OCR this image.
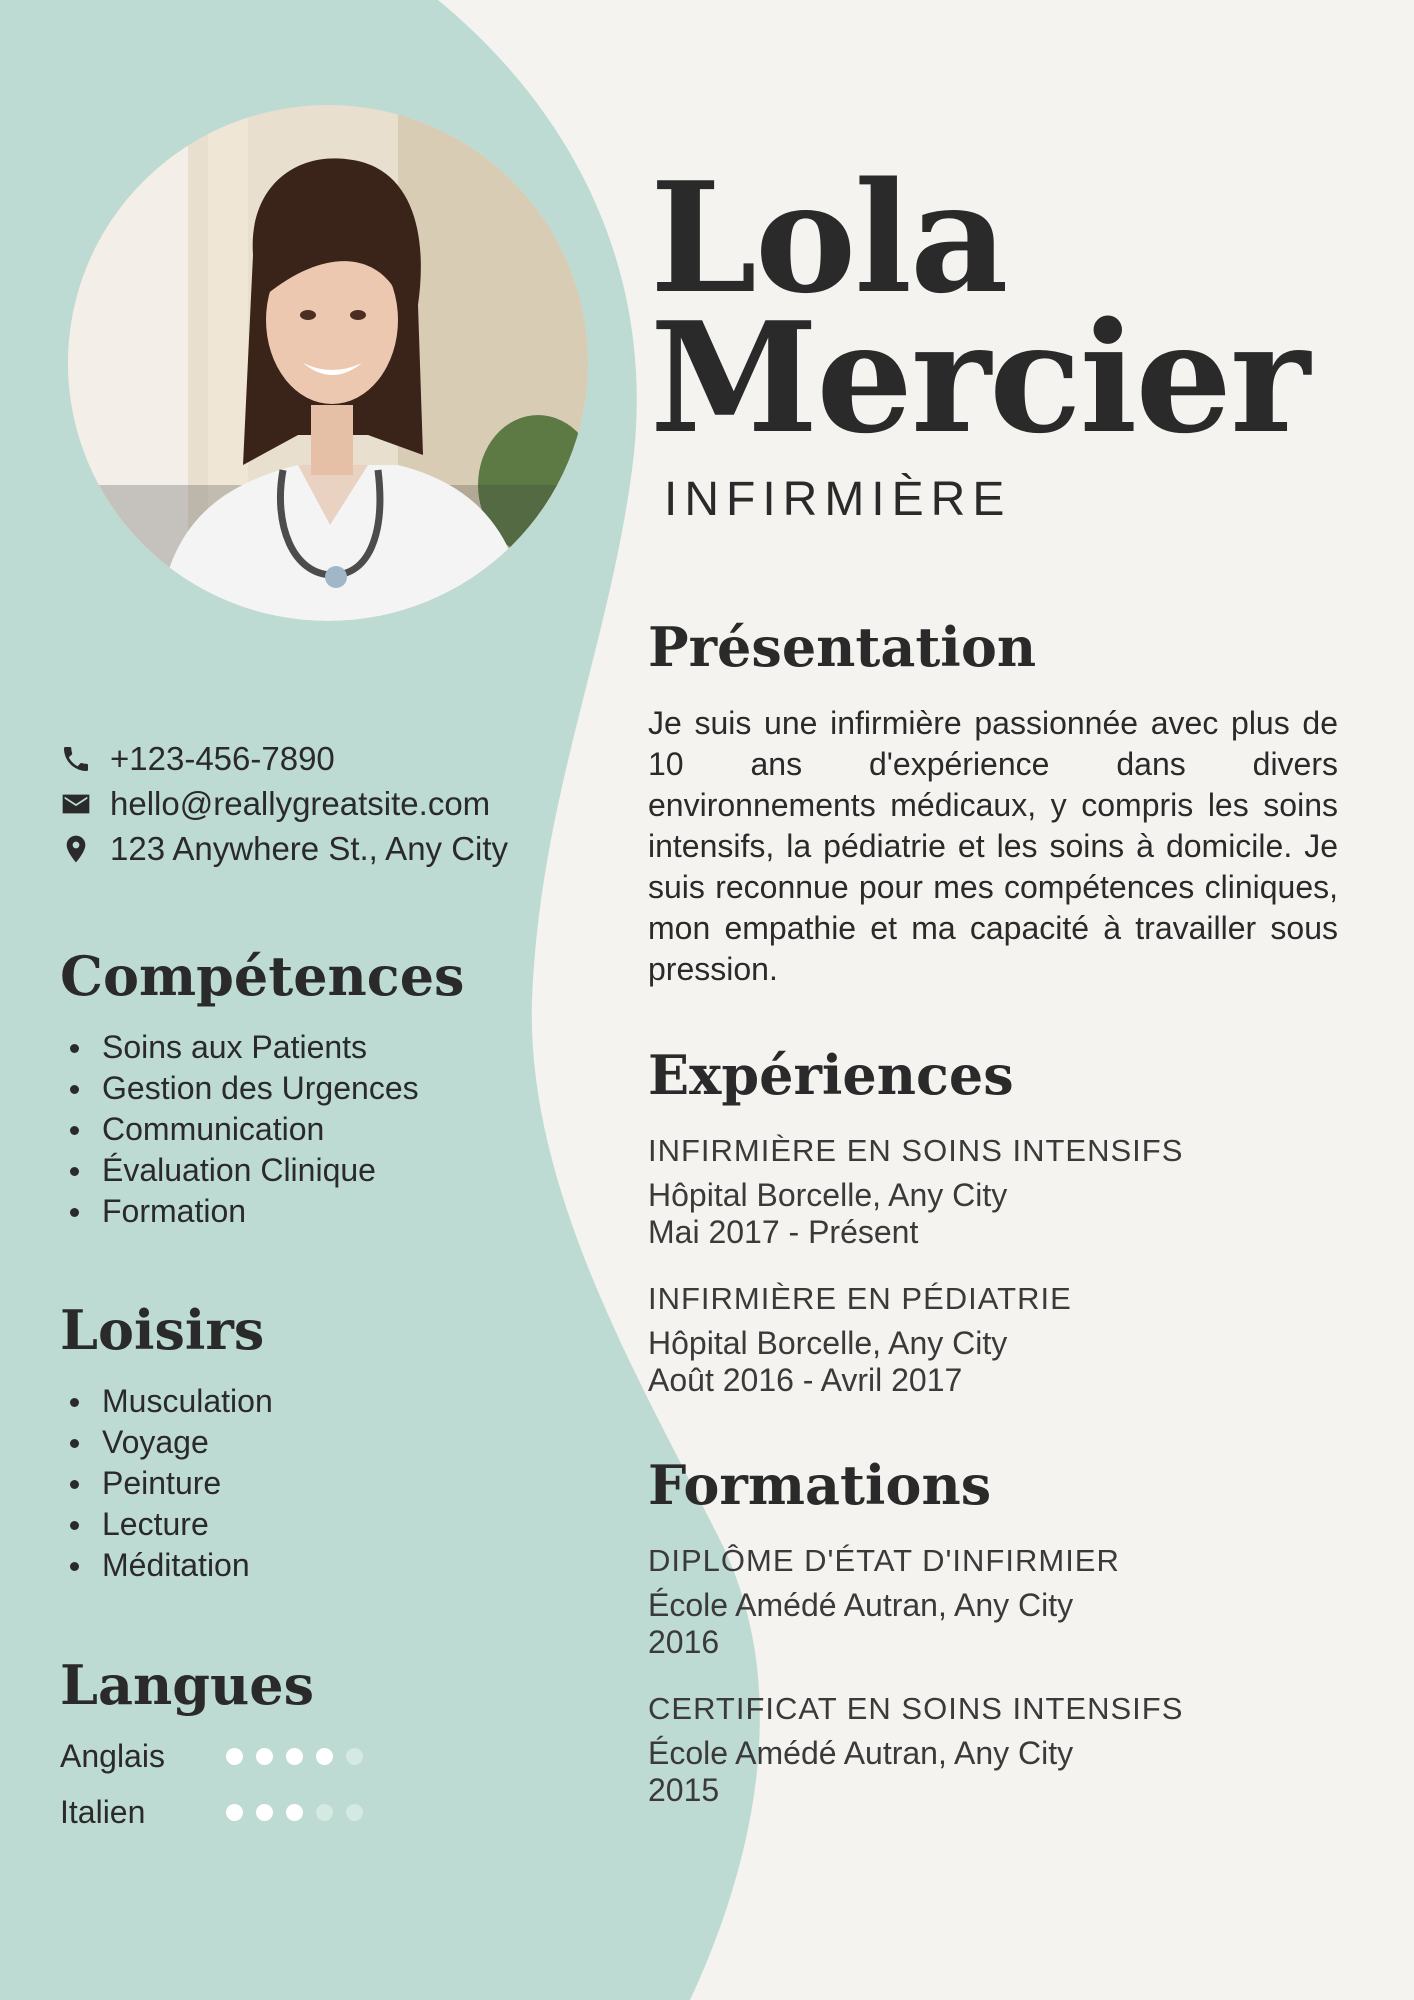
Lola
Mercier
INFIRMIÈRE
+123-456-7890
hello@reallygreatsite.com
123 Anywhere St., Any City
Compétences
Soins aux Patients
Gestion des Urgences
Communication
Évaluation Clinique
Formation
Loisirs
Musculation
Voyage
Peinture
Lecture
Méditation
Langues
Anglais
Italien
Présentation
Je suis une infirmière passionnée avec plus de 10 ans d'expérience dans divers environnements médicaux, y compris les soins intensifs, la pédiatrie et les soins à domicile. Je suis reconnue pour mes compétences cliniques, mon empathie et ma capacité à travailler sous pression.
Expériences
INFIRMIÈRE EN SOINS INTENSIFS
Hôpital Borcelle, Any City
Mai 2017 - Présent
INFIRMIÈRE EN PÉDIATRIE
Hôpital Borcelle, Any City
Août 2016 - Avril 2017
Formations
DIPLÔME D'ÉTAT D'INFIRMIER
École Amédé Autran, Any City
2016
CERTIFICAT EN SOINS INTENSIFS
École Amédé Autran, Any City
2015
